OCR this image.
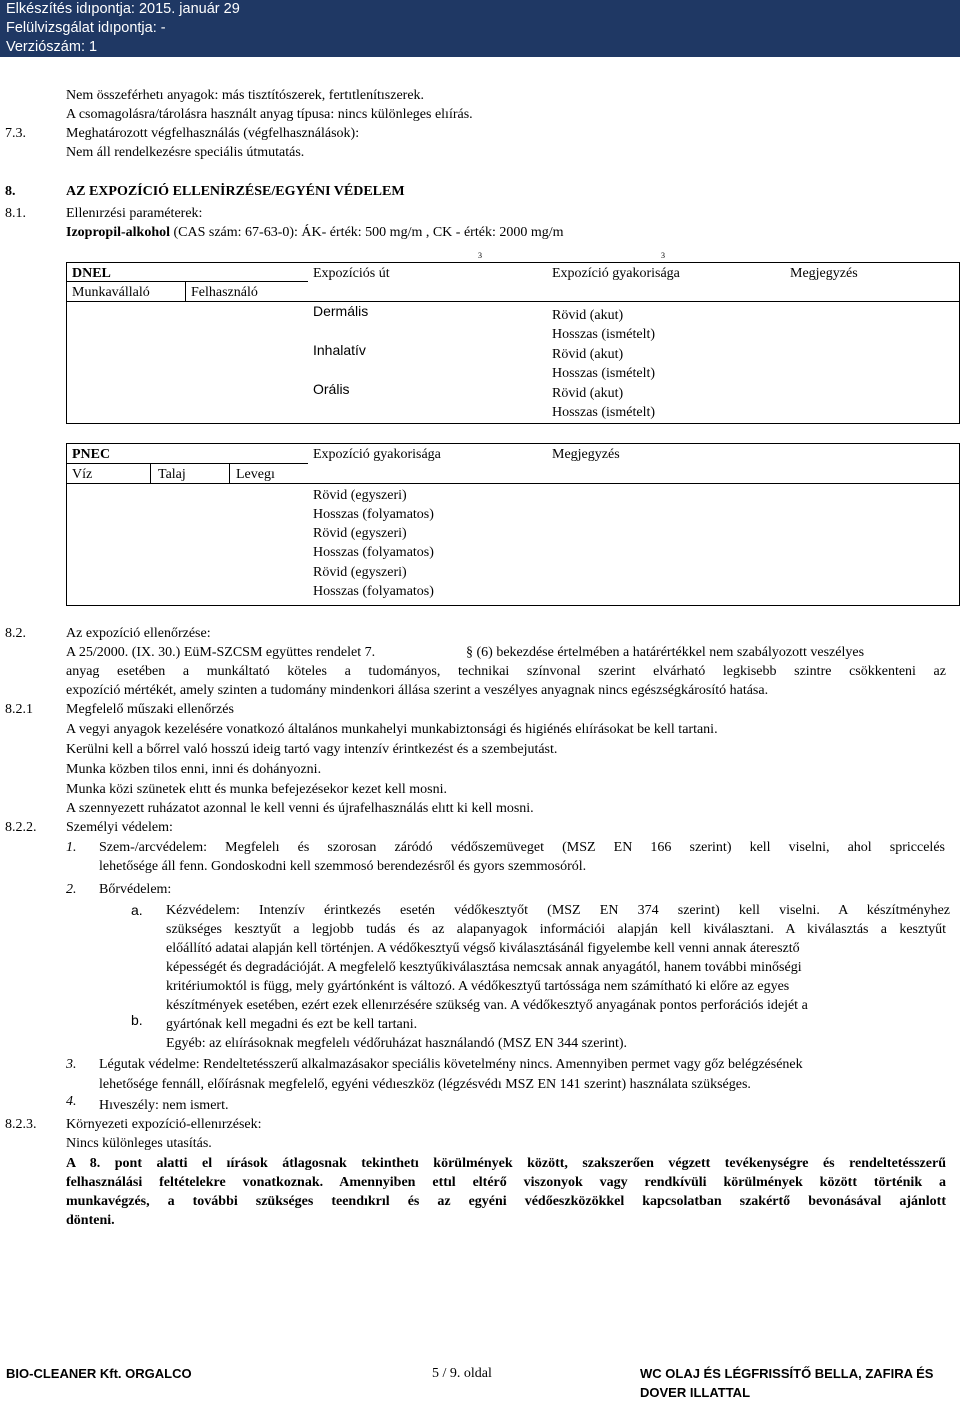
Elkészítés idıpontja: 2015. január 29
Felülvizsgálat idıpontja: -
Verziószám: 1
Nem összeférhetı anyagok: más tisztítószerek, fertıtlenítıszerek.
A csomagolásra/tárolásra használt anyag típusa: nincs különleges elıírás.
7.3.	Meghatározott végfelhasználás (végfelhasználások):
Nem áll rendelkezésre speciális útmutatás.
8.	AZ EXPOZÍCIÓ ELLENİRZÉSE/EGYÉNI VÉDELEM
8.1.	Ellenırzési paraméterek:
Izopropil-alkohol (CAS szám: 67-63-0): ÁK- érték: 500 mg/m , CK - érték: 2000 mg/m
3	3
DNEL	Expozíciós út	Expozíció gyakorisága	Megjegyzés
Munkavállaló	Felhasználó
Dermális	Rövid (akut)
Hosszas (ismételt)
Inhalatív	Rövid (akut)
Hosszas (ismételt)
Orális	Rövid (akut)
Hosszas (ismételt)
PNEC	Expozíció gyakorisága	Megjegyzés
Víz	Talaj	Levegı
Rövid (egyszeri)
Hosszas (folyamatos)
Rövid (egyszeri)
Hosszas (folyamatos)
Rövid (egyszeri)
Hosszas (folyamatos)
8.2.	Az expozíció ellenőrzése:
A 25/2000. (IX. 30.) EüM-SZCSM együttes rendelet 7.	§ (6) bekezdése értelmében a határértékkel nem szabályozott veszélyes
anyag esetében a munkáltató köteles a tudományos, technikai színvonal szerint elvárható legkisebb szintre csökkenteni az
expozíció mértékét, amely szinten a tudomány mindenkori állása szerint a veszélyes anyagnak nincs egészségkárosító hatása.
8.2.1 Megfelelő műszaki ellenőrzés
A vegyi anyagok kezelésére vonatkozó általános munkahelyi munkabiztonsági és higiénés elıírásokat be kell tartani.
Kerülni kell a bőrrel való hosszú ideig tartó vagy intenzív érintkezést és a szembejutást.
Munka közben tilos enni, inni és dohányozni.
Munka közi szünetek elıtt és munka befejezésekor kezet kell mosni.
A szennyezett ruházatot azonnal le kell venni és újrafelhasználás elıtt ki kell mosni.
8.2.2. Személyi védelem:
1. Szem-/arcvédelem: Megfelelı és szorosan záródó védőszemüveget (MSZ EN 166 szerint) kell viselni, ahol spriccelés
lehetősége áll fenn. Gondoskodni kell szemmosó berendezésről és gyors szemmosóról.
2. Bőrvédelem:
a. Kézvédelem: Intenzív érintkezés esetén védőkesztyőt (MSZ EN 374 szerint) kell viselni. A készítményhez
szükséges kesztyűt a legjobb tudás és az alapanyagok információi alapján kell kiválasztani. A kiválasztás a kesztyűt
előállító adatai alapján kell történjen. A védőkesztyű végső kiválasztásánál figyelembe kell venni annak áteresztő
képességét és degradációját. A megfelelő kesztyűkiválasztása nemcsak annak anyagától, hanem további minőségi
kritériumoktól is függ, mely gyártónként is változó. A védőkesztyű tartóssága nem számítható ki előre az egyes
készítmények esetében, ezért ezek ellenırzésére szükség van. A védőkesztyő anyagának pontos perforációs idejét a
b. gyártónak kell megadni és ezt be kell tartani.
Egyéb: az elıírásoknak megfelelı védőruházat használandó (MSZ EN 344 szerint).
3. Légutak védelme: Rendeltetésszerű alkalmazásakor speciális követelmény nincs. Amennyiben permet vagy gőz belégzésének
lehetősége fennáll, előírásnak megfelelő, egyéni védıeszköz (légzésvédı MSZ EN 141 szerint) használata szükséges.
4. Hıveszély: nem ismert.
8.2.3. Környezeti expozíció-ellenırzések:
Nincs különleges utasítás.
A 8. pont alatti el ıírások átlagosnak tekinthetı körülmények között, szakszerően végzett tevékenységre és rendeltetésszerű
felhasználási feltételekre vonatkoznak. Amennyiben ettıl eltérő viszonyok vagy rendkívüli körülmények között történik a
munkavégzés, a további szükséges teendıkrıl és az egyéni védőeszközökkel kapcsolatban szakértő bevonásával ajánlott
dönteni.
BIO-CLEANER Kft. ORGALCO	5 / 9. oldal	WC OLAJ ÉS LÉGFRISSÍTŐ BELLA, ZAFIRA ÉS
DOVER ILLATTAL
